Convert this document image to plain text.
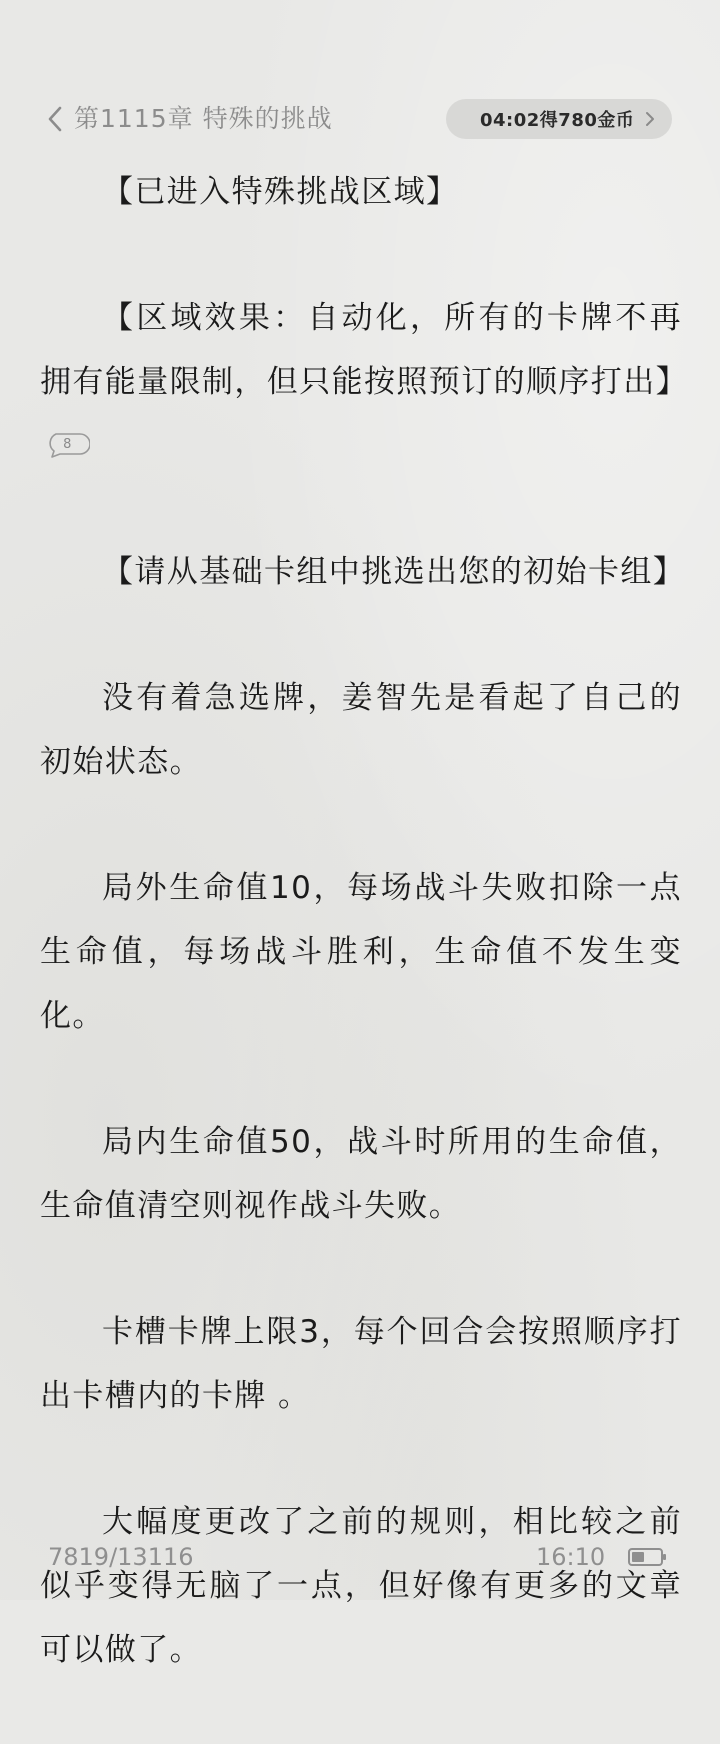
第1115章 特殊的挑战	04:02得780金币

【已进入特殊挑战区域】

【区域效果：自动化，所有的卡牌不再拥有能量限制，但只能按照预订的顺序打出】
8

【请从基础卡组中挑选出您的初始卡组】

没有着急选牌，姜智先是看起了自己的初始状态。

局外生命值10，每场战斗失败扣除一点生命值，每场战斗胜利，生命值不发生变化。

局内生命值50，战斗时所用的生命值，生命值清空则视作战斗失败。

卡槽卡牌上限3，每个回合会按照顺序打出卡槽内的卡牌 。

大幅度更改了之前的规则，相比较之前似乎变得无脑了一点，但好像有更多的文章可以做了。

7819/13116	16:10
